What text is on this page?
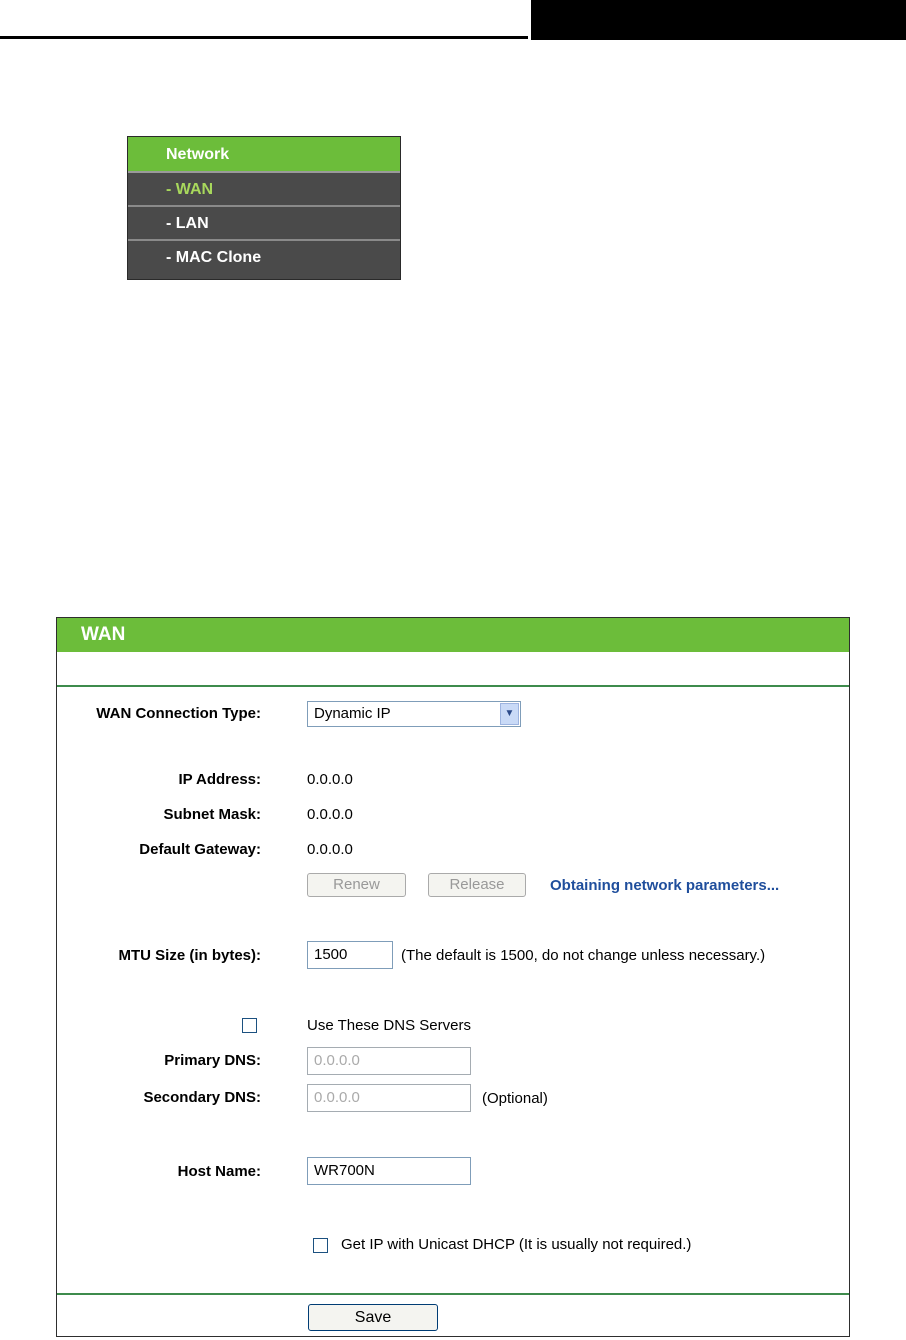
Network
- WAN
- LAN
- MAC Clone
WAN
WAN Connection Type:	Dynamic IP	▼
IP Address:	0.0.0.0
Subnet Mask:	0.0.0.0
Default Gateway:	0.0.0.0
Renew	Release	Obtaining network parameters...
MTU Size (in bytes):	1500	(The default is 1500, do not change unless necessary.)
Use These DNS Servers
Primary DNS:	0.0.0.0
Secondary DNS:	0.0.0.0	(Optional)
Host Name:	WR700N
Get IP with Unicast DHCP (It is usually not required.)
Save
